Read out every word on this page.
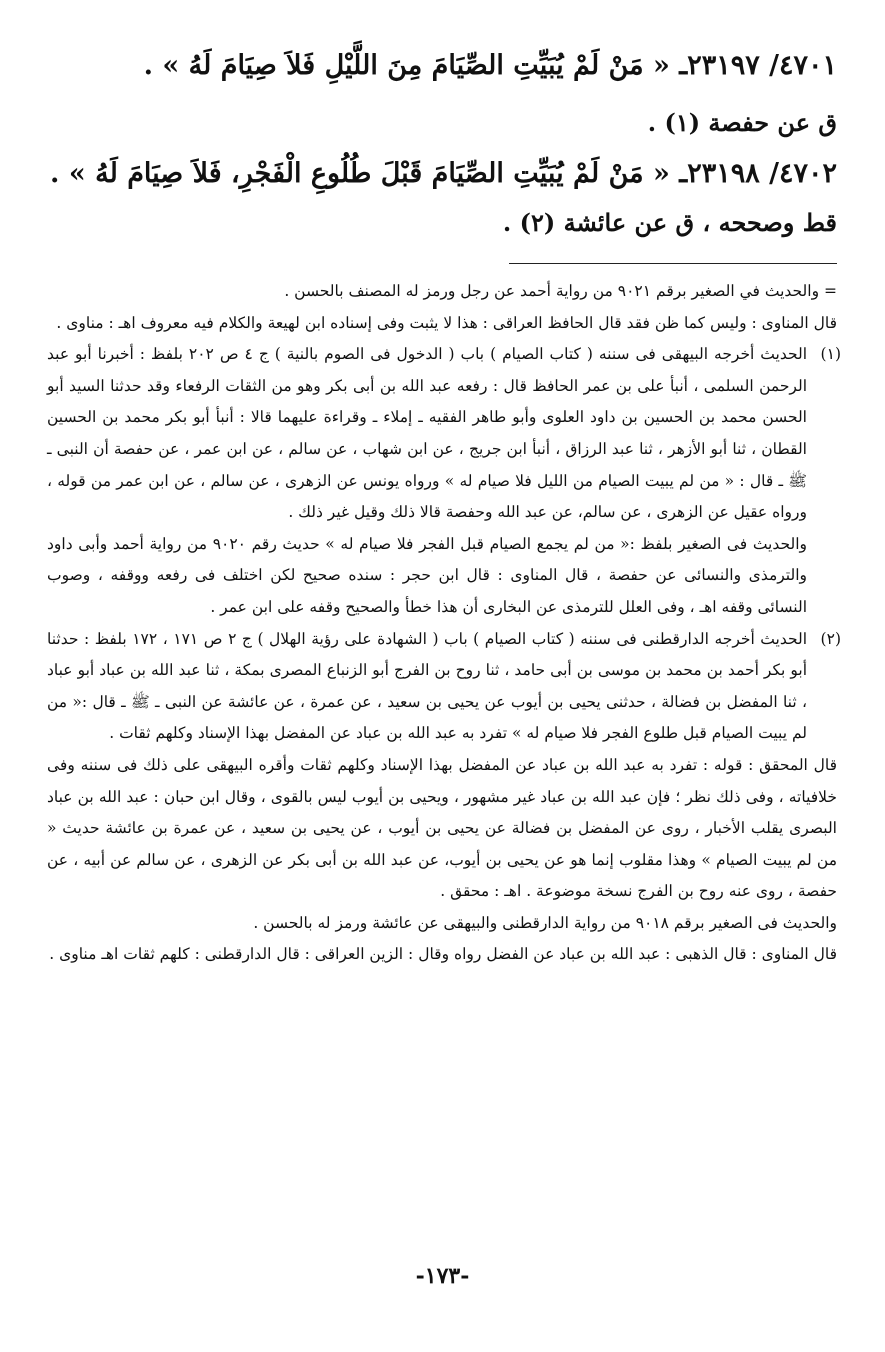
٤٧٠١/ ٢٣١٩٧ـ « مَنْ لَمْ يُبَيِّتِ الصِّيَامَ مِنَ اللَّيْلِ فَلاَ صِيَامَ لَهُ » .
ق عن حفصة (١) .
٤٧٠٢/ ٢٣١٩٨ـ « مَنْ لَمْ يُبَيِّتِ الصِّيَامَ قَبْلَ طُلُوعِ الْفَجْرِ، فَلاَ صِيَامَ لَهُ » .
قط وصححه ، ق عن عائشة (٢) .

= والحديث في الصغير برقم ٩٠٢١ من رواية أحمد عن رجل ورمز له المصنف بالحسن .

قال المناوى : وليس كما ظن فقد قال الحافظ العراقى : هذا لا يثبت وفى إسناده ابن لهيعة والكلام فيه معروف اهـ : مناوى .

(١)
الحديث أخرجه البيهقى فى سننه ( كتاب الصيام ) باب ( الدخول فى الصوم بالنية ) ج ٤ ص ٢٠٢ بلفظ : أخبرنا أبو عبد الرحمن السلمى ، أنبأ على بن عمر الحافظ قال : رفعه عبد الله بن أبى بكر وهو من الثقات الرفعاء وقد حدثنا السيد أبو الحسن محمد بن الحسين بن داود العلوى وأبو طاهر الفقيه ـ إملاء ـ وقراءة عليهما قالا : أنبأ أبو بكر محمد بن الحسين القطان ، ثنا أبو الأزهر ، ثنا عبد الرزاق ، أنبأ ابن جريج ، عن ابن شهاب ، عن سالم ، عن ابن عمر ، عن حفصة أن النبى ـ ﷺ ـ قال : « من لم يبيت الصيام من الليل فلا صيام له » ورواه يونس عن الزهرى ، عن سالم ، عن ابن عمر من قوله ، ورواه عقيل عن الزهرى ، عن سالم، عن عبد الله وحفصة قالا ذلك وقيل غير ذلك .

والحديث فى الصغير بلفظ :« من لم يجمع الصيام قبل الفجر فلا صيام له » حديث رقم ٩٠٢٠ من رواية أحمد وأبى داود والترمذى والنسائى عن حفصة ، قال المناوى : قال ابن حجر : سنده صحيح لكن اختلف فى رفعه ووقفه ، وصوب النسائى وقفه اهـ ، وفى العلل للترمذى عن البخارى أن هذا خطأ والصحيح وقفه على ابن عمر .

(٢)
الحديث أخرجه الدارقطنى فى سننه ( كتاب الصيام ) باب ( الشهادة على رؤية الهلال ) ج ٢ ص ١٧١ ، ١٧٢ بلفظ : حدثنا أبو بكر أحمد بن محمد بن موسى بن أبى حامد ، ثنا روح بن الفرج أبو الزنباع المصرى بمكة ، ثنا عبد الله بن عباد أبو عباد ، ثنا المفضل بن فضالة ، حدثنى يحيى بن أيوب عن يحيى بن سعيد ، عن عمرة ، عن عائشة عن النبى ـ ﷺ ـ قال :« من لم يبيت الصيام قبل طلوع الفجر فلا صيام له » تفرد به عبد الله بن عباد عن المفضل بهذا الإسناد وكلهم ثقات .

قال المحقق : قوله : تفرد به عبد الله بن عباد عن المفضل بهذا الإسناد وكلهم ثقات وأقره البيهقى على ذلك فى سننه وفى خلافياته ، وفى ذلك نظر ؛ فإن عبد الله بن عباد غير مشهور ، ويحيى بن أيوب ليس بالقوى ، وقال ابن حبان : عبد الله بن عباد البصرى يقلب الأخبار ، روى عن المفضل بن فضالة عن يحيى بن أيوب ، عن يحيى بن سعيد ، عن عمرة بن عائشة حديث « من لم يبيت الصيام » وهذا مقلوب إنما هو عن يحيى بن أيوب، عن عبد الله بن أبى بكر عن الزهرى ، عن سالم عن أبيه ، عن حفصة ، روى عنه روح بن الفرج نسخة موضوعة . اهـ : محقق .

والحديث فى الصغير برقم ٩٠١٨ من رواية الدارقطنى والبيهقى عن عائشة ورمز له بالحسن .

قال المناوى : قال الذهبى : عبد الله بن عباد عن الفضل رواه وقال : الزين العراقى : قال الدارقطنى : كلهم ثقات اهـ مناوى .

-١٧٣-
